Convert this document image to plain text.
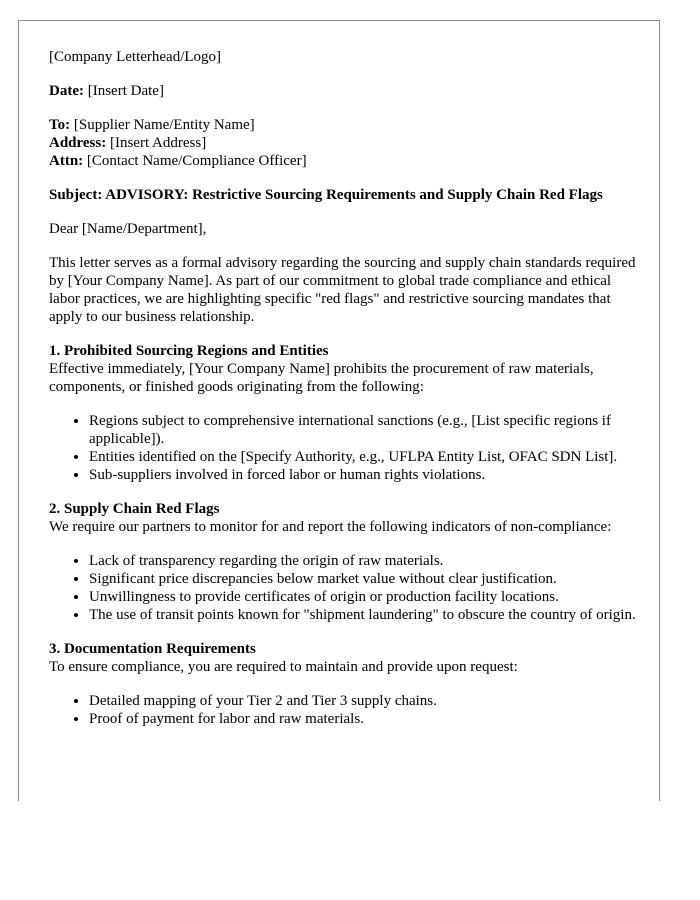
[Company Letterhead/Logo]

Date: [Insert Date]

To: [Supplier Name/Entity Name]
Address: [Insert Address]
Attn: [Contact Name/Compliance Officer]

Subject: ADVISORY: Restrictive Sourcing Requirements and Supply Chain Red Flags

Dear [Name/Department],

This letter serves as a formal advisory regarding the sourcing and supply chain standards required by [Your Company Name]. As part of our commitment to global trade compliance and ethical labor practices, we are highlighting specific "red flags" and restrictive sourcing mandates that apply to our business relationship.

1. Prohibited Sourcing Regions and Entities
Effective immediately, [Your Company Name] prohibits the procurement of raw materials, components, or finished goods originating from the following:
• Regions subject to comprehensive international sanctions (e.g., [List specific regions if applicable]).
• Entities identified on the [Specify Authority, e.g., UFLPA Entity List, OFAC SDN List].
• Sub-suppliers involved in forced labor or human rights violations.
2. Supply Chain Red Flags
We require our partners to monitor for and report the following indicators of non-compliance:
• Lack of transparency regarding the origin of raw materials.
• Significant price discrepancies below market value without clear justification.
• Unwillingness to provide certificates of origin or production facility locations.
• The use of transit points known for "shipment laundering" to obscure the country of origin.
3. Documentation Requirements
To ensure compliance, you are required to maintain and provide upon request:
• Detailed mapping of your Tier 2 and Tier 3 supply chains.
• Proof of payment for labor and raw materials.
